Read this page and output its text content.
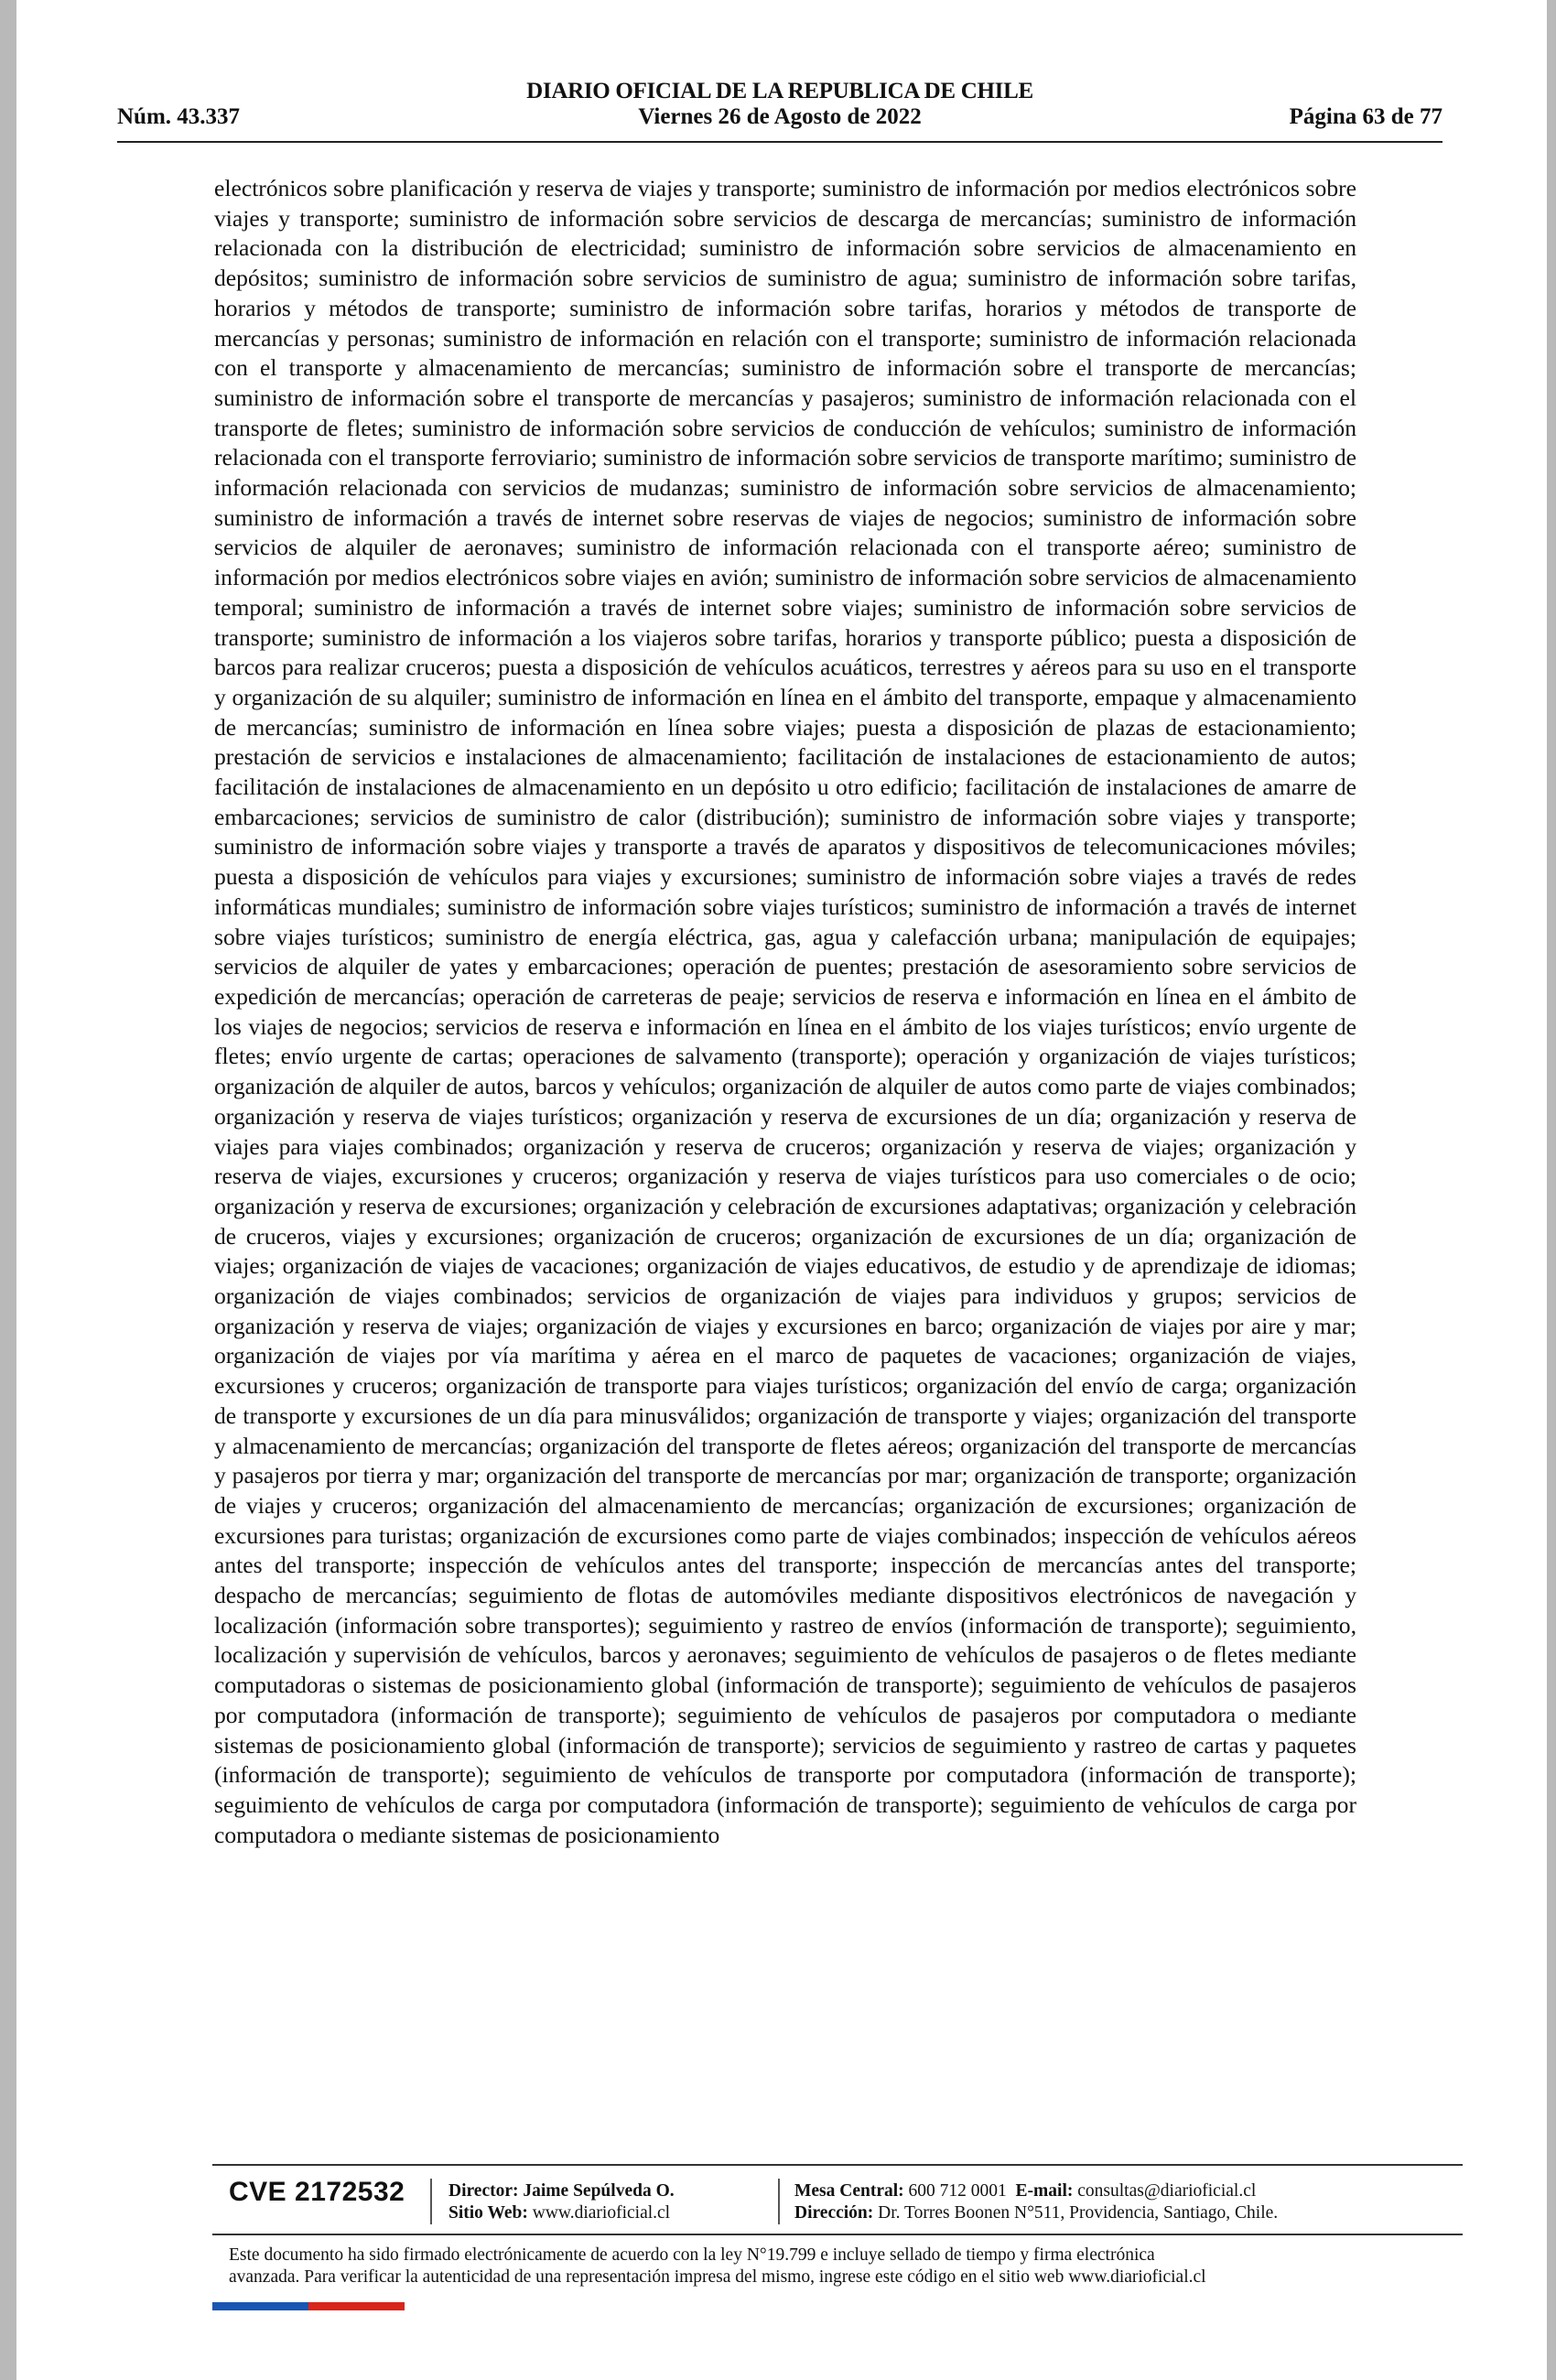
DIARIO OFICIAL DE LA REPUBLICA DE CHILE
Núm. 43.337	Viernes 26 de Agosto de 2022	Página 63 de 77
electrónicos sobre planificación y reserva de viajes y transporte; suministro de información por medios electrónicos sobre viajes y transporte; suministro de información sobre servicios de descarga de mercancías; suministro de información relacionada con la distribución de electricidad; suministro de información sobre servicios de almacenamiento en depósitos; suministro de información sobre servicios de suministro de agua; suministro de información sobre tarifas, horarios y métodos de transporte; suministro de información sobre tarifas, horarios y métodos de transporte de mercancías y personas; suministro de información en relación con el transporte; suministro de información relacionada con el transporte y almacenamiento de mercancías; suministro de información sobre el transporte de mercancías; suministro de información sobre el transporte de mercancías y pasajeros; suministro de información relacionada con el transporte de fletes; suministro de información sobre servicios de conducción de vehículos; suministro de información relacionada con el transporte ferroviario; suministro de información sobre servicios de transporte marítimo; suministro de información relacionada con servicios de mudanzas; suministro de información sobre servicios de almacenamiento; suministro de información a través de internet sobre reservas de viajes de negocios; suministro de información sobre servicios de alquiler de aeronaves; suministro de información relacionada con el transporte aéreo; suministro de información por medios electrónicos sobre viajes en avión; suministro de información sobre servicios de almacenamiento temporal; suministro de información a través de internet sobre viajes; suministro de información sobre servicios de transporte; suministro de información a los viajeros sobre tarifas, horarios y transporte público; puesta a disposición de barcos para realizar cruceros; puesta a disposición de vehículos acuáticos, terrestres y aéreos para su uso en el transporte y organización de su alquiler; suministro de información en línea en el ámbito del transporte, empaque y almacenamiento de mercancías; suministro de información en línea sobre viajes; puesta a disposición de plazas de estacionamiento; prestación de servicios e instalaciones de almacenamiento; facilitación de instalaciones de estacionamiento de autos; facilitación de instalaciones de almacenamiento en un depósito u otro edificio; facilitación de instalaciones de amarre de embarcaciones; servicios de suministro de calor (distribución); suministro de información sobre viajes y transporte; suministro de información sobre viajes y transporte a través de aparatos y dispositivos de telecomunicaciones móviles; puesta a disposición de vehículos para viajes y excursiones; suministro de información sobre viajes a través de redes informáticas mundiales; suministro de información sobre viajes turísticos; suministro de información a través de internet sobre viajes turísticos; suministro de energía eléctrica, gas, agua y calefacción urbana; manipulación de equipajes; servicios de alquiler de yates y embarcaciones; operación de puentes; prestación de asesoramiento sobre servicios de expedición de mercancías; operación de carreteras de peaje; servicios de reserva e información en línea en el ámbito de los viajes de negocios; servicios de reserva e información en línea en el ámbito de los viajes turísticos; envío urgente de fletes; envío urgente de cartas; operaciones de salvamento (transporte); operación y organización de viajes turísticos; organización de alquiler de autos, barcos y vehículos; organización de alquiler de autos como parte de viajes combinados; organización y reserva de viajes turísticos; organización y reserva de excursiones de un día; organización y reserva de viajes para viajes combinados; organización y reserva de cruceros; organización y reserva de viajes; organización y reserva de viajes, excursiones y cruceros; organización y reserva de viajes turísticos para uso comerciales o de ocio; organización y reserva de excursiones; organización y celebración de excursiones adaptativas; organización y celebración de cruceros, viajes y excursiones; organización de cruceros; organización de excursiones de un día; organización de viajes; organización de viajes de vacaciones; organización de viajes educativos, de estudio y de aprendizaje de idiomas; organización de viajes combinados; servicios de organización de viajes para individuos y grupos; servicios de organización y reserva de viajes; organización de viajes y excursiones en barco; organización de viajes por aire y mar; organización de viajes por vía marítima y aérea en el marco de paquetes de vacaciones; organización de viajes, excursiones y cruceros; organización de transporte para viajes turísticos; organización del envío de carga; organización de transporte y excursiones de un día para minusválidos; organización de transporte y viajes; organización del transporte y almacenamiento de mercancías; organización del transporte de fletes aéreos; organización del transporte de mercancías y pasajeros por tierra y mar; organización del transporte de mercancías por mar; organización de transporte; organización de viajes y cruceros; organización del almacenamiento de mercancías; organización de excursiones; organización de excursiones para turistas; organización de excursiones como parte de viajes combinados; inspección de vehículos aéreos antes del transporte; inspección de vehículos antes del transporte; inspección de mercancías antes del transporte; despacho de mercancías; seguimiento de flotas de automóviles mediante dispositivos electrónicos de navegación y localización (información sobre transportes); seguimiento y rastreo de envíos (información de transporte); seguimiento, localización y supervisión de vehículos, barcos y aeronaves; seguimiento de vehículos de pasajeros o de fletes mediante computadoras o sistemas de posicionamiento global (información de transporte); seguimiento de vehículos de pasajeros por computadora (información de transporte); seguimiento de vehículos de pasajeros por computadora o mediante sistemas de posicionamiento global (información de transporte); servicios de seguimiento y rastreo de cartas y paquetes (información de transporte); seguimiento de vehículos de transporte por computadora (información de transporte); seguimiento de vehículos de carga por computadora (información de transporte); seguimiento de vehículos de carga por computadora o mediante sistemas de posicionamiento
CVE 2172532 Director: Jaime Sepúlveda O.
Sitio Web: www.diarioficial.cl
Mesa Central: 600 712 0001 E-mail: consultas@diarioficial.cl
Dirección: Dr. Torres Boonen N°511, Providencia, Santiago, Chile.
Este documento ha sido firmado electrónicamente de acuerdo con la ley N°19.799 e incluye sellado de tiempo y firma electrónica
avanzada. Para verificar la autenticidad de una representación impresa del mismo, ingrese este código en el sitio web www.diarioficial.cl
